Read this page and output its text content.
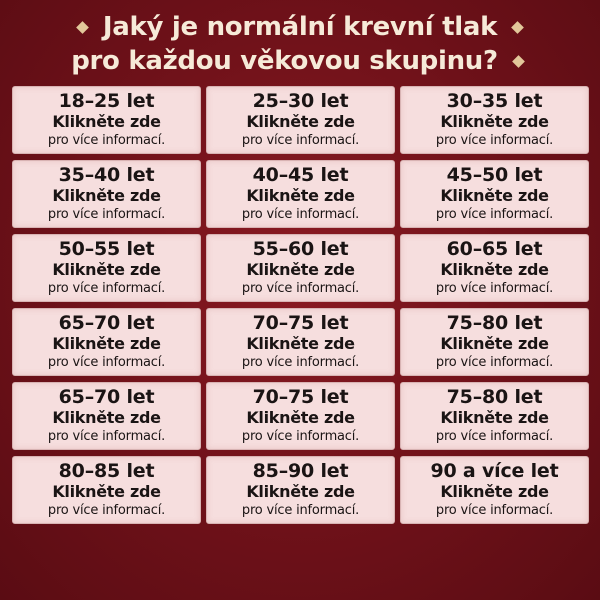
Jaký je normální krevní tlak
pro každou věkovou skupinu?
18–25 let
Klikněte zde
pro více informací.
25–30 let
Klikněte zde
pro více informací.
30–35 let
Klikněte zde
pro více informací.
35–40 let
Klikněte zde
pro více informací.
40–45 let
Klikněte zde
pro více informací.
45–50 let
Klikněte zde
pro více informací.
50–55 let
Klikněte zde
pro více informací.
55–60 let
Klikněte zde
pro více informací.
60–65 let
Klikněte zde
pro více informací.
65–70 let
Klikněte zde
pro více informací.
70–75 let
Klikněte zde
pro více informací.
75–80 let
Klikněte zde
pro více informací.
65–70 let
Klikněte zde
pro více informací.
70–75 let
Klikněte zde
pro více informací.
75–80 let
Klikněte zde
pro více informací.
80–85 let
Klikněte zde
pro více informací.
85–90 let
Klikněte zde
pro více informací.
90 a více let
Klikněte zde
pro více informací.
